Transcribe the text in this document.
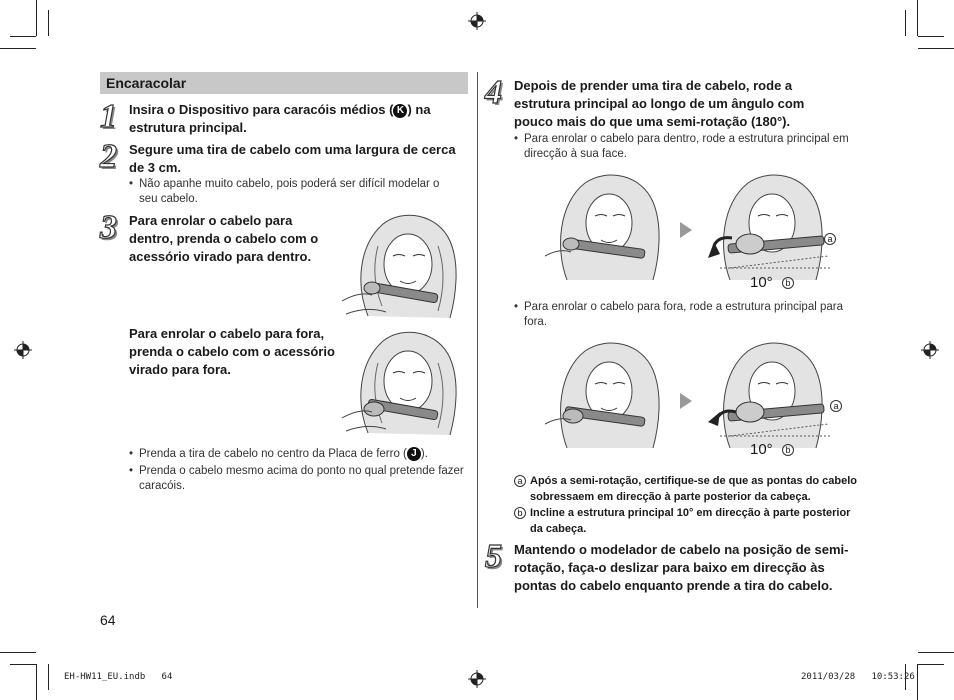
Encaracolar
1 Insira o Dispositivo para caracóis médios ( K ) na estrutura principal.
2 Segure uma tira de cabelo com uma largura de cerca de 3 cm.
• Não apanhe muito cabelo, pois poderá ser difícil modelar o seu cabelo.
3 Para enrolar o cabelo para dentro, prenda o cabelo com o acessório virado para dentro.
Para enrolar o cabelo para fora, prenda o cabelo com o acessório virado para fora.
• Prenda a tira de cabelo no centro da Placa de ferro ( J ).
• Prenda o cabelo mesmo acima do ponto no qual pretende fazer caracóis.
4 Depois de prender uma tira de cabelo, rode a estrutura principal ao longo de um ângulo com pouco mais do que uma semi-rotação (180°).
• Para enrolar o cabelo para dentro, rode a estrutura principal em direcção à sua face.
10°	b
a
• Para enrolar o cabelo para fora, rode a estrutura principal para fora.
10°	b
a
a Após a semi-rotação, certifique-se de que as pontas do cabelo sobressaem em direcção à parte posterior da cabeça.
b Incline a estrutura principal 10° em direcção à parte posterior da cabeça.
5 Mantendo o modelador de cabelo na posição de semi-rotação, faça-o deslizar para baixo em direcção às pontas do cabelo enquanto prende a tira do cabelo.
64
EH-HW11_EU.indb   64	2011/03/28   10:53:26
